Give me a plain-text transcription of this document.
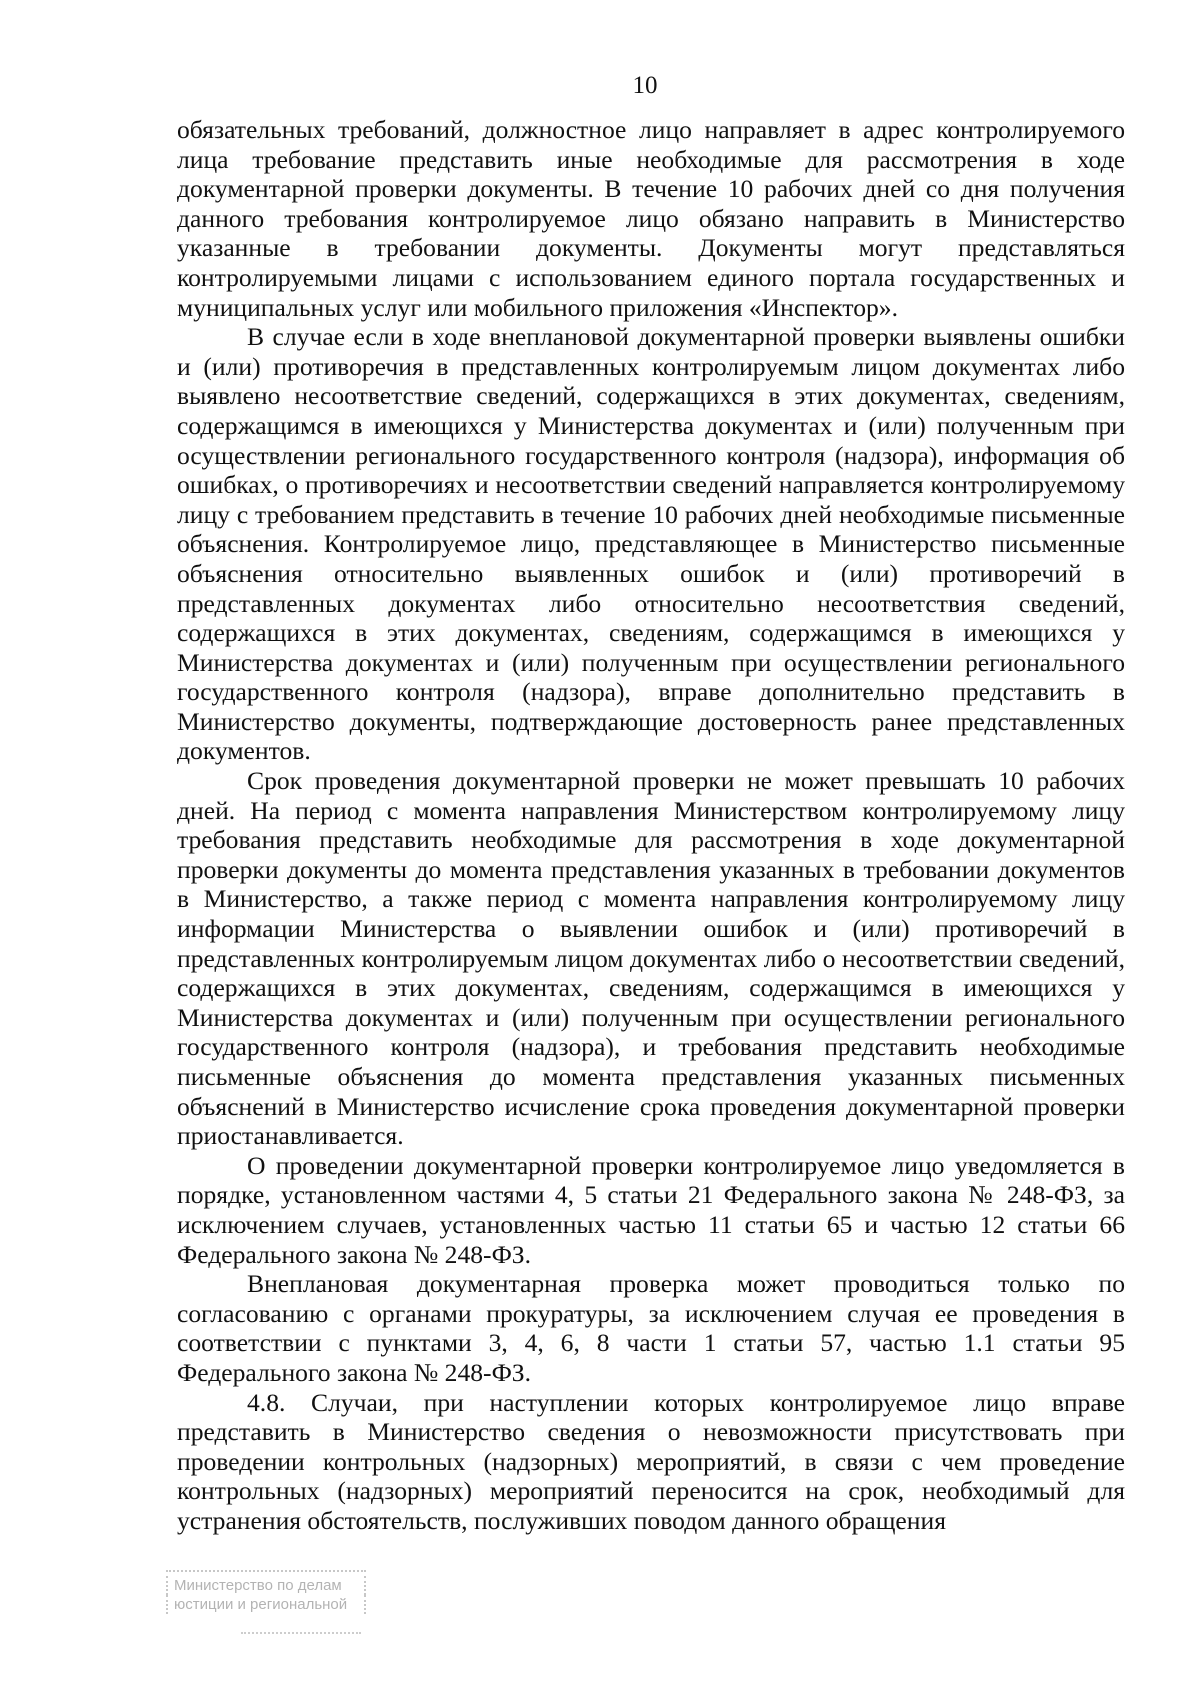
10

обязательных требований, должностное лицо направляет в адрес контролируемого лица требование представить иные необходимые для рассмотрения в ходе документарной проверки документы. В течение 10 рабочих дней со дня получения данного требования контролируемое лицо обязано направить в Министерство указанные в требовании документы. Документы могут представляться контролируемыми лицами с использованием единого портала государственных и муниципальных услуг или мобильного приложения «Инспектор».

В случае если в ходе внеплановой документарной проверки выявлены ошибки и (или) противоречия в представленных контролируемым лицом документах либо выявлено несоответствие сведений, содержащихся в этих документах, сведениям, содержащимся в имеющихся у Министерства документах и (или) полученным при осуществлении регионального государственного контроля (надзора), информация об ошибках, о противоречиях и несоответствии сведений направляется контролируемому лицу с требованием представить в течение 10 рабочих дней необходимые письменные объяснения. Контролируемое лицо, представляющее в Министерство письменные объяснения относительно выявленных ошибок и (или) противоречий в представленных документах либо относительно несоответствия сведений, содержащихся в этих документах, сведениям, содержащимся в имеющихся у Министерства документах и (или) полученным при осуществлении регионального государственного контроля (надзора), вправе дополнительно представить в Министерство документы, подтверждающие достоверность ранее представленных документов.

Срок проведения документарной проверки не может превышать 10 рабочих дней. На период с момента направления Министерством контролируемому лицу требования представить необходимые для рассмотрения в ходе документарной проверки документы до момента представления указанных в требовании документов в Министерство, а также период с момента направления контролируемому лицу информации Министерства о выявлении ошибок и (или) противоречий в представленных контролируемым лицом документах либо о несоответствии сведений, содержащихся в этих документах, сведениям, содержащимся в имеющихся у Министерства документах и (или) полученным при осуществлении регионального государственного контроля (надзора), и требования представить необходимые письменные объяснения до момента представления указанных письменных объяснений в Министерство исчисление срока проведения документарной проверки приостанавливается.

О проведении документарной проверки контролируемое лицо уведомляется в порядке, установленном частями 4, 5 статьи 21 Федерального закона № 248-ФЗ, за исключением случаев, установленных частью 11 статьи 65 и частью 12 статьи 66 Федерального закона № 248-ФЗ.

Внеплановая документарная проверка может проводиться только по согласованию с органами прокуратуры, за исключением случая ее проведения в соответствии с пунктами 3, 4, 6, 8 части 1 статьи 57, частью 1.1 статьи 95 Федерального закона № 248-ФЗ.

4.8. Случаи, при наступлении которых контролируемое лицо вправе представить в Министерство сведения о невозможности присутствовать при проведении контрольных (надзорных) мероприятий, в связи с чем проведение контрольных (надзорных) мероприятий переносится на срок, необходимый для устранения обстоятельств, послуживших поводом данного обращения

Министерство по делам
юстиции и региональной
